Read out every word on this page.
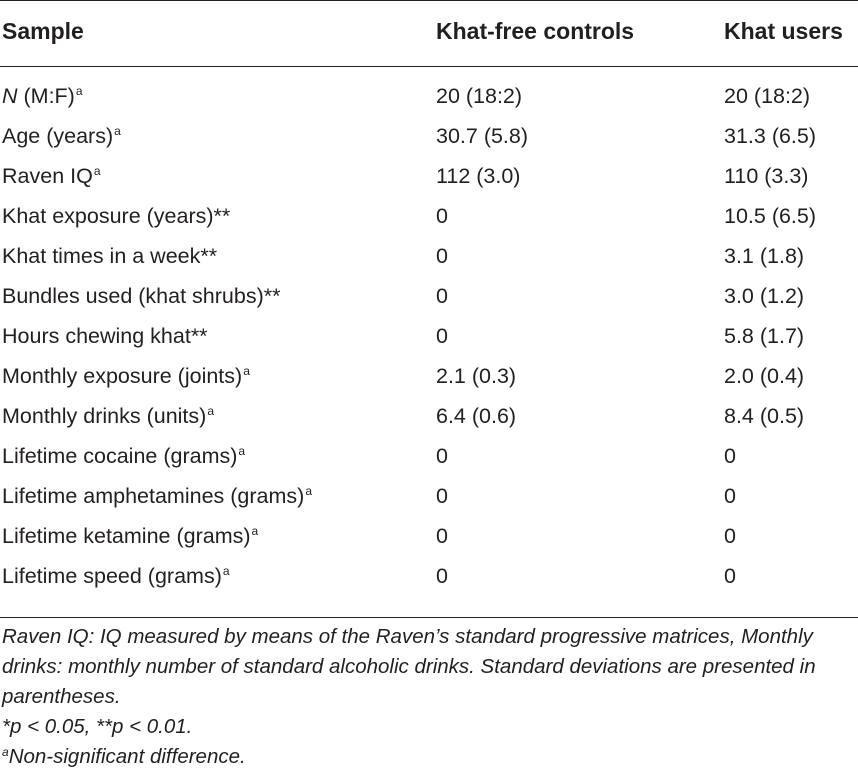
Sample	Khat-free controls	Khat users
N (M:F)$^a$	20 (18:2)	20 (18:2)
Age (years)$^a$	30.7 (5.8)	31.3 (6.5)
Raven $IQ^a$	112 (3.0)	110 (3.3)
Khat exposure (years)**	0	10.5 (6.5)
Khat times in a week**	0	3.1 (1.8)
Bundles used (khat shrubs)**	0	3.0 (1.2)
Hours chewing khat**	0	5.8 (1.7)
Monthly exposure (joints)$^a$	2.1 (0.3)	2.0 (0.4)
Monthly drinks (units)$^a$	6.4 (0.6)	8.4 (0.5)
Lifetime cocaine (grams)$^a$	0	0
Lifetime amphetamines (grams)$^a$	0	0
Lifetime ketamine (grams)$^a$	0	0
Lifetime speed (grams)$^a$	0	0

Raven IQ: IQ measured by means of the Raven’s standard progressive matrices, Monthly drinks: monthly number of standard alcoholic drinks. Standard deviations are presented in parentheses.

*p < 0.05, **p < 0.01.

$^a$Non-significant difference.
